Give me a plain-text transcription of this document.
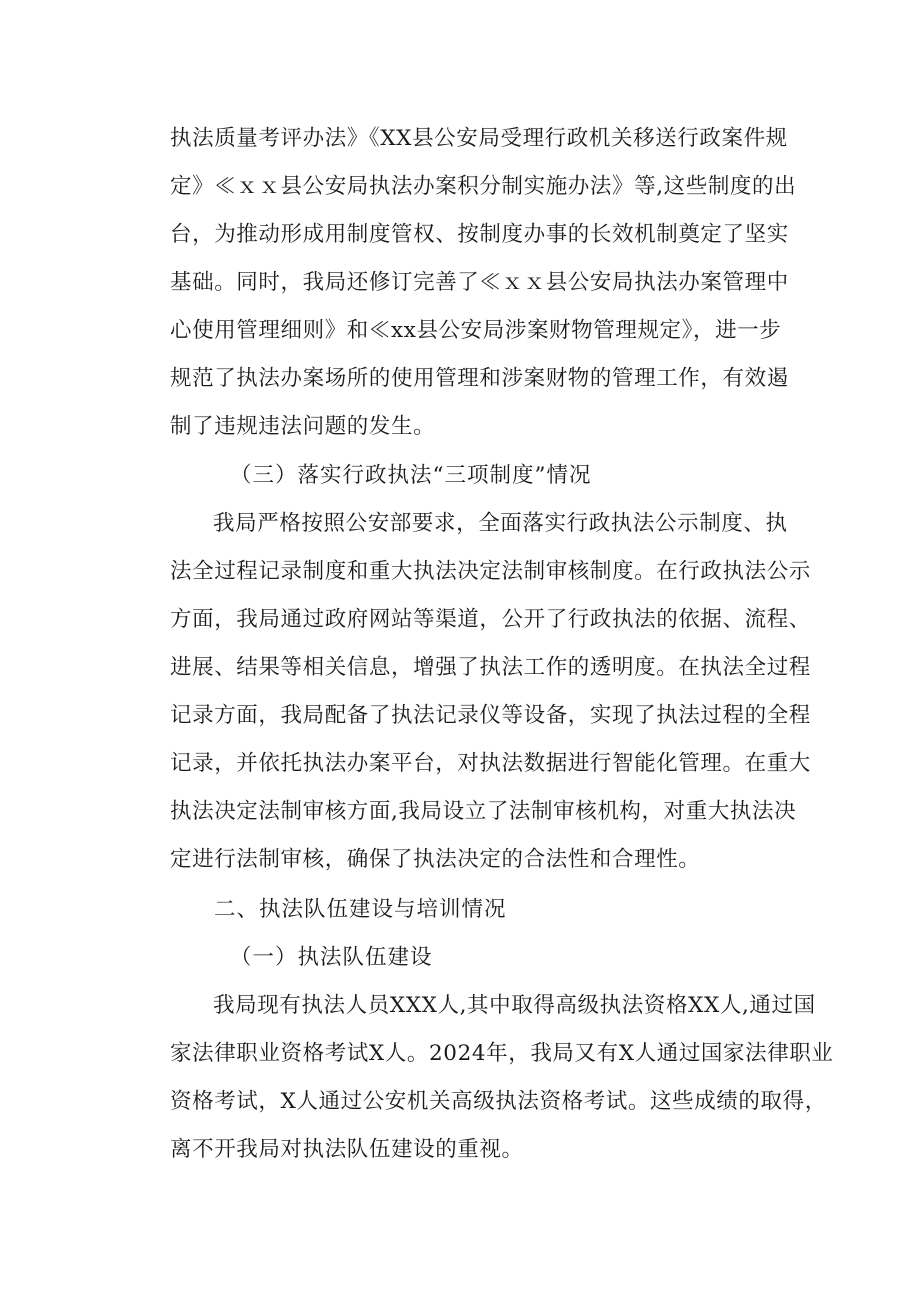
执法质量考评办法》《XX县公安局受理行政机关移送行政案件规
定》≪ｘｘ县公安局执法办案积分制实施办法》等,这些制度的出
台，为推动形成用制度管权、按制度办事的长效机制奠定了坚实
基础。同时，我局还修订完善了≪ｘｘ县公安局执法办案管理中
心使用管理细则》和≪xx县公安局涉案财物管理规定》，进一步
规范了执法办案场所的使用管理和涉案财物的管理工作，有效遏
制了违规违法问题的发生。
（三）落实行政执法“三项制度”情况
我局严格按照公安部要求，全面落实行政执法公示制度、执
法全过程记录制度和重大执法决定法制审核制度。在行政执法公示
方面，我局通过政府网站等渠道，公开了行政执法的依据、流程、
进展、结果等相关信息，增强了执法工作的透明度。在执法全过程
记录方面，我局配备了执法记录仪等设备，实现了执法过程的全程
记录，并依托执法办案平台，对执法数据进行智能化管理。在重大
执法决定法制审核方面,我局设立了法制审核机构，对重大执法决
定进行法制审核，确保了执法决定的合法性和合理性。
二、执法队伍建设与培训情况
（一）执法队伍建设
我局现有执法人员XXX人,其中取得高级执法资格XX人,通过国
家法律职业资格考试X人。2024年，我局又有X人通过国家法律职业
资格考试，X人通过公安机关高级执法资格考试。这些成绩的取得，
离不开我局对执法队伍建设的重视。
